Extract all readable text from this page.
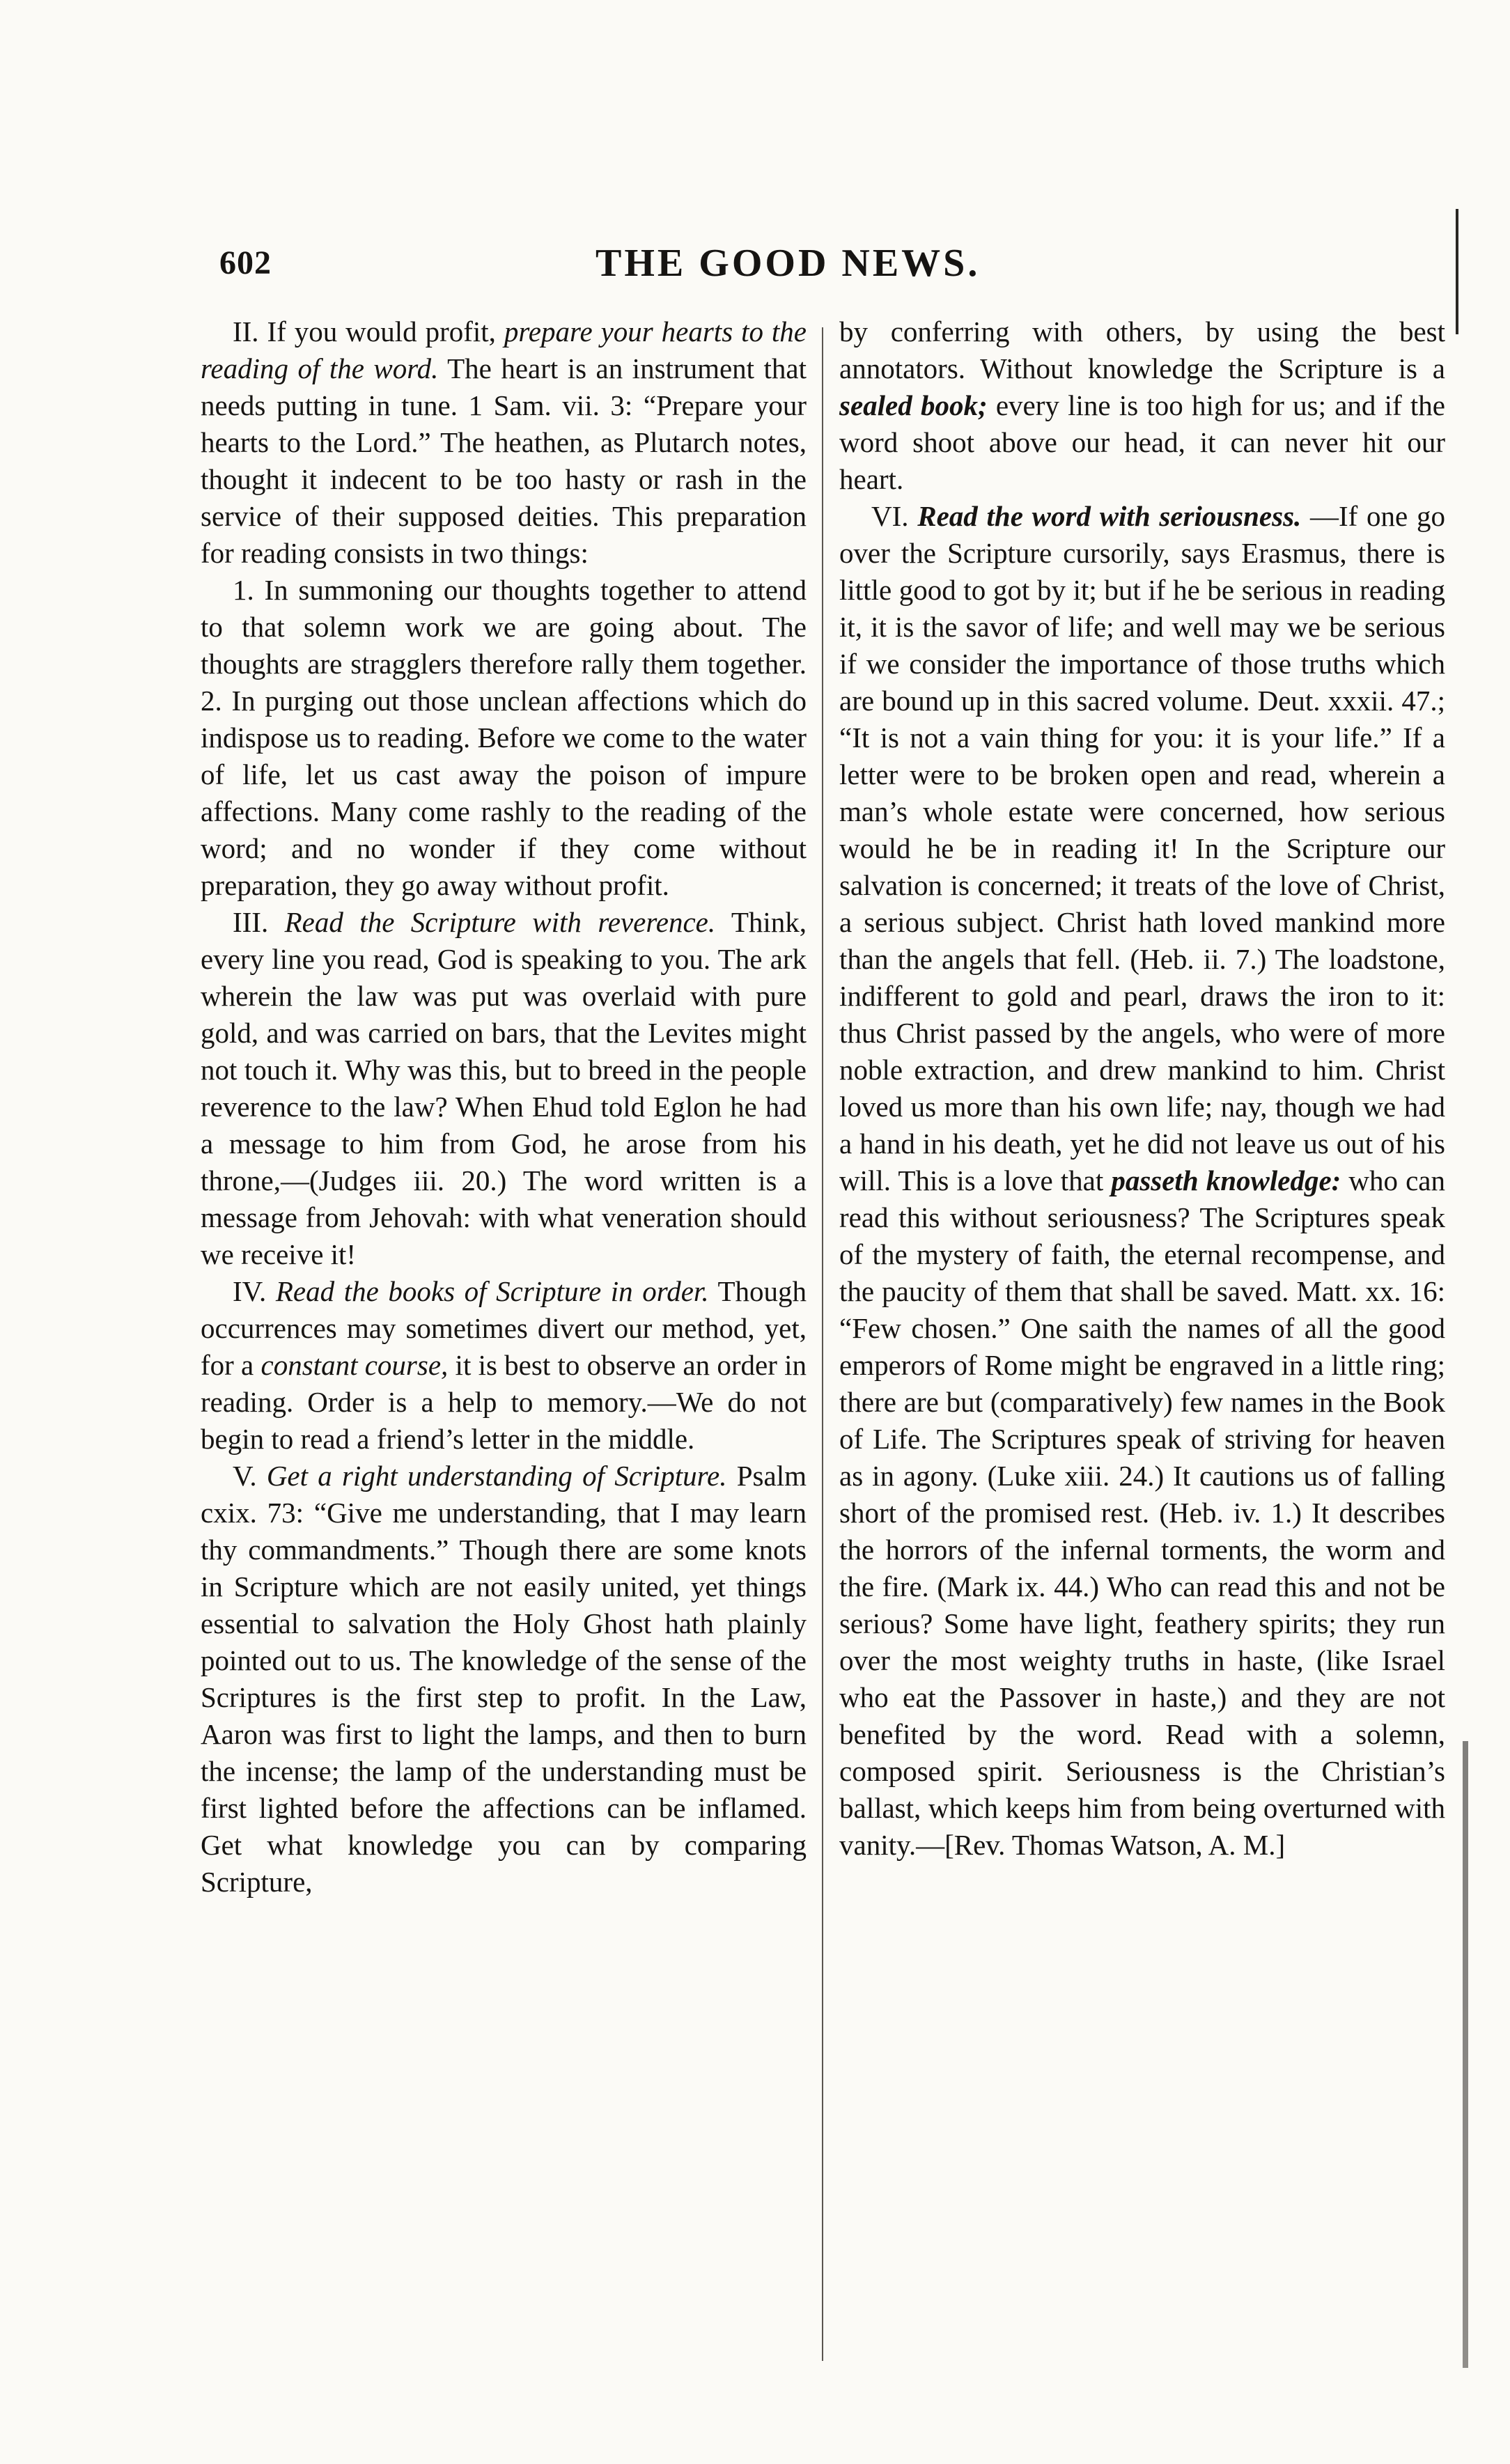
602	THE GOOD NEWS.

II. If you would profit, prepare your hearts to the reading of the word. The heart is an instrument that needs putting in tune. 1 Sam. vii. 3: “Prepare your hearts to the Lord.” The heathen, as Plutarch notes, thought it indecent to be too hasty or rash in the service of their supposed deities. This preparation for reading consists in two things:

1. In summoning our thoughts together to attend to that solemn work we are going about. The thoughts are stragglers therefore rally them together. 2. In purging out those unclean affections which do indispose us to reading. Before we come to the water of life, let us cast away the poison of impure affections. Many come rashly to the reading of the word; and no wonder if they come without preparation, they go away without profit.

III. Read the Scripture with reverence. Think, every line you read, God is speaking to you. The ark wherein the law was put was overlaid with pure gold, and was carried on bars, that the Levites might not touch it. Why was this, but to breed in the people reverence to the law? When Ehud told Eglon he had a message to him from God, he arose from his throne,—(Judges iii. 20.) The word written is a message from Jehovah: with what veneration should we receive it!

IV. Read the books of Scripture in order. Though occurrences may sometimes divert our method, yet, for a constant course, it is best to observe an order in reading. Order is a help to memory.—We do not begin to read a friend’s letter in the middle.

V. Get a right understanding of Scripture. Psalm cxix. 73: “Give me understanding, that I may learn thy commandments.” Though there are some knots in Scripture which are not easily united, yet things essential to salvation the Holy Ghost hath plainly pointed out to us. The knowledge of the sense of the Scriptures is the first step to profit. In the Law, Aaron was first to light the lamps, and then to burn the incense; the lamp of the understanding must be first lighted before the affections can be inflamed. Get what knowledge you can by comparing Scripture,

by conferring with others, by using the best annotators. Without knowledge the Scripture is a sealed book; every line is too high for us; and if the word shoot above our head, it can never hit our heart.

VI. Read the word with seriousness. —If one go over the Scripture cursorily, says Erasmus, there is little good to got by it; but if he be serious in reading it, it is the savor of life; and well may we be serious if we consider the importance of those truths which are bound up in this sacred volume. Deut. xxxii. 47.; “It is not a vain thing for you: it is your life.” If a letter were to be broken open and read, wherein a man’s whole estate were concerned, how serious would he be in reading it! In the Scripture our salvation is concerned; it treats of the love of Christ, a serious subject. Christ hath loved mankind more than the angels that fell. (Heb. ii. 7.) The loadstone, indifferent to gold and pearl, draws the iron to it: thus Christ passed by the angels, who were of more noble extraction, and drew mankind to him. Christ loved us more than his own life; nay, though we had a hand in his death, yet he did not leave us out of his will. This is a love that passeth knowledge: who can read this without seriousness? The Scriptures speak of the mystery of faith, the eternal recompense, and the paucity of them that shall be saved. Matt. xx. 16: “Few chosen.” One saith the names of all the good emperors of Rome might be engraved in a little ring; there are but (comparatively) few names in the Book of Life. The Scriptures speak of striving for heaven as in agony. (Luke xiii. 24.) It cautions us of falling short of the promised rest. (Heb. iv. 1.) It describes the horrors of the infernal torments, the worm and the fire. (Mark ix. 44.) Who can read this and not be serious? Some have light, feathery spirits; they run over the most weighty truths in haste, (like Israel who eat the Passover in haste,) and they are not benefited by the word. Read with a solemn, composed spirit. Seriousness is the Christian’s ballast, which keeps him from being overturned with vanity.—[Rev. Thomas Watson, A. M.]
